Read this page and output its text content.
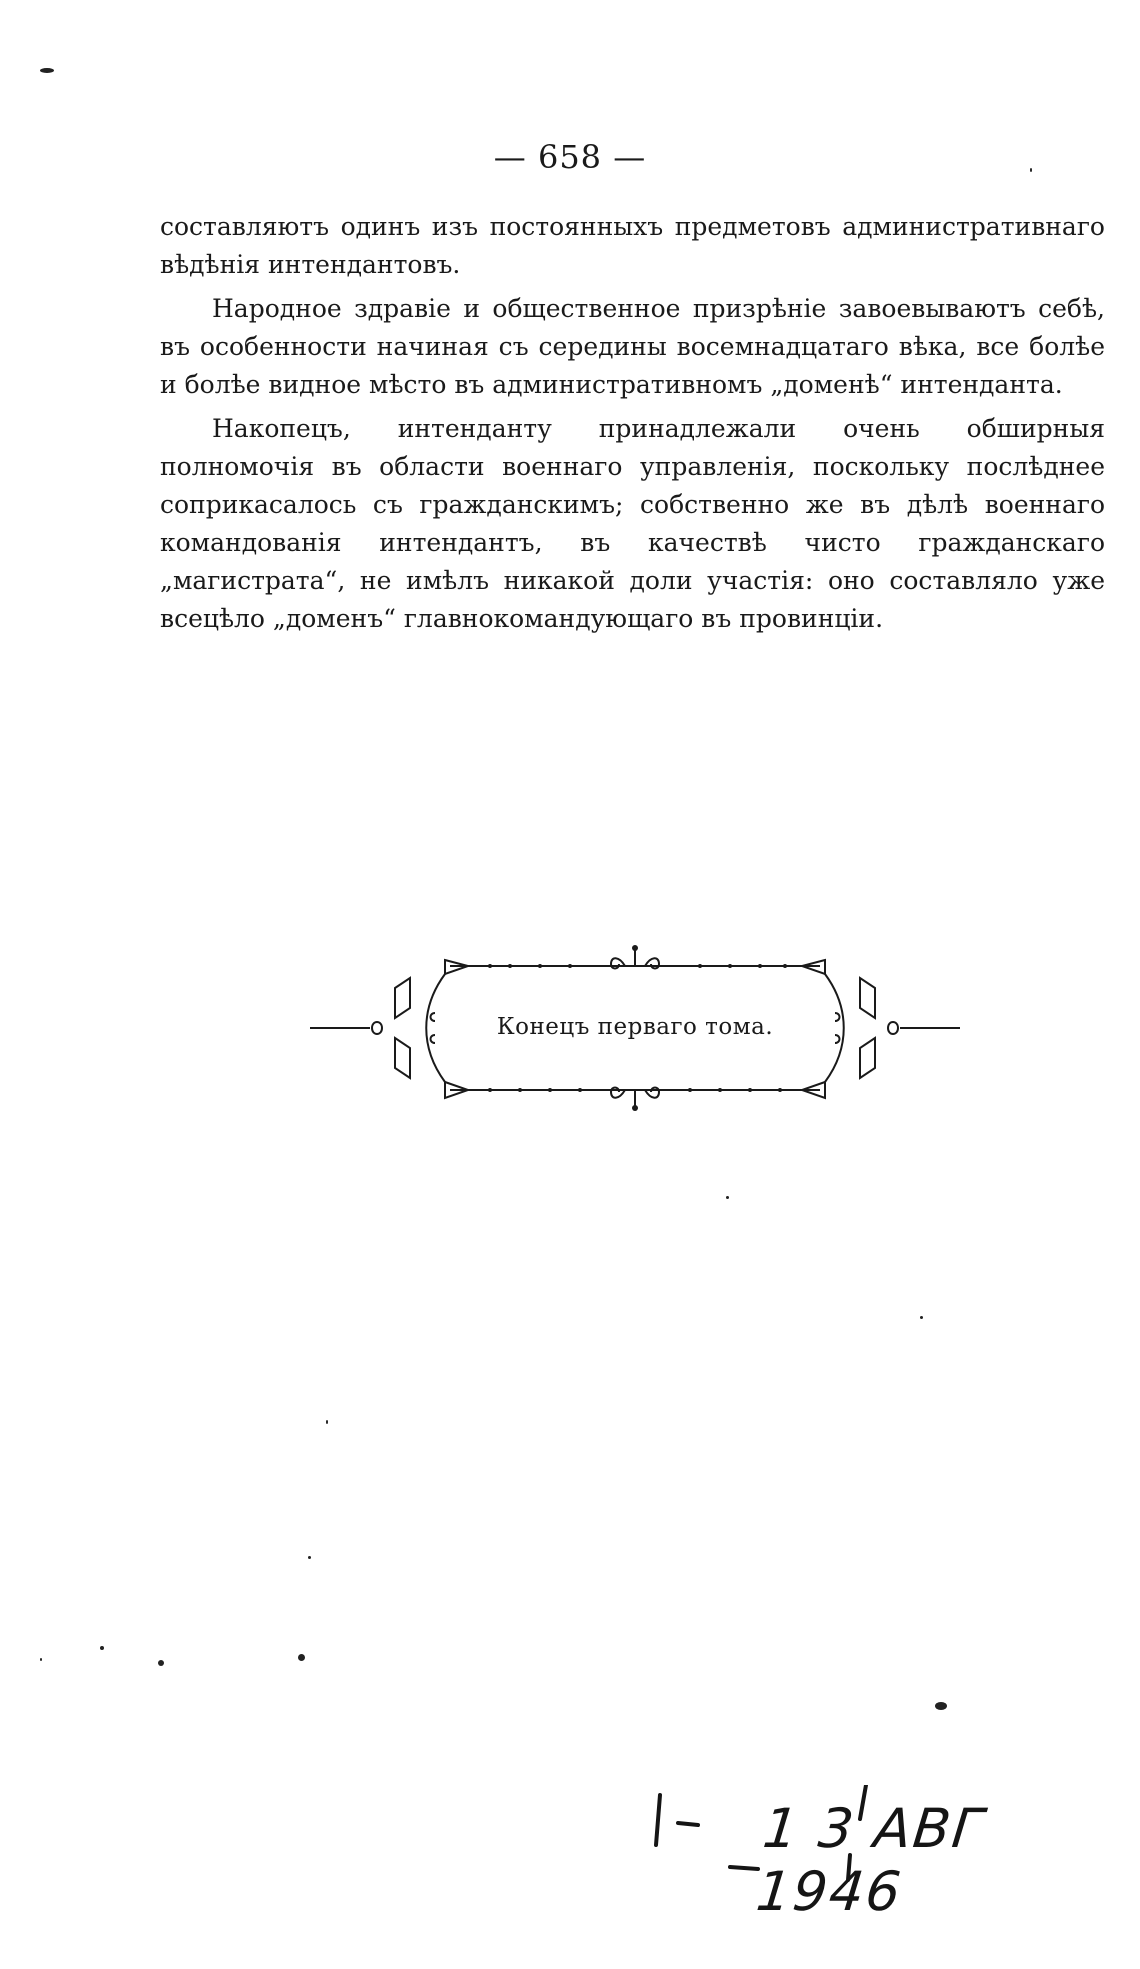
— 658 —

составляютъ одинъ изъ постоянныхъ предметовъ административнаго вѣдѣнія интендантовъ.

Народное здравіе и общественное призрѣніе завоевываютъ себѣ, въ особенности начиная съ середины восемнадцатаго вѣка, все болѣе и болѣе видное мѣсто въ административномъ „доменѣ“ интенданта.

Накопецъ, интенданту принадлежали очень обширныя полномочія въ области военнаго управленія, поскольку послѣднее соприкасалось съ гражданскимъ; собственно же въ дѣлѣ военнаго командованія интендантъ, въ качествѣ чисто гражданскаго „магистрата“, не имѣлъ никакой доли участія: оно составляло уже всецѣло „доменъ“ главнокомандующаго въ провинціи.

Конецъ перваго тома.
1 3 АВГ 1946
